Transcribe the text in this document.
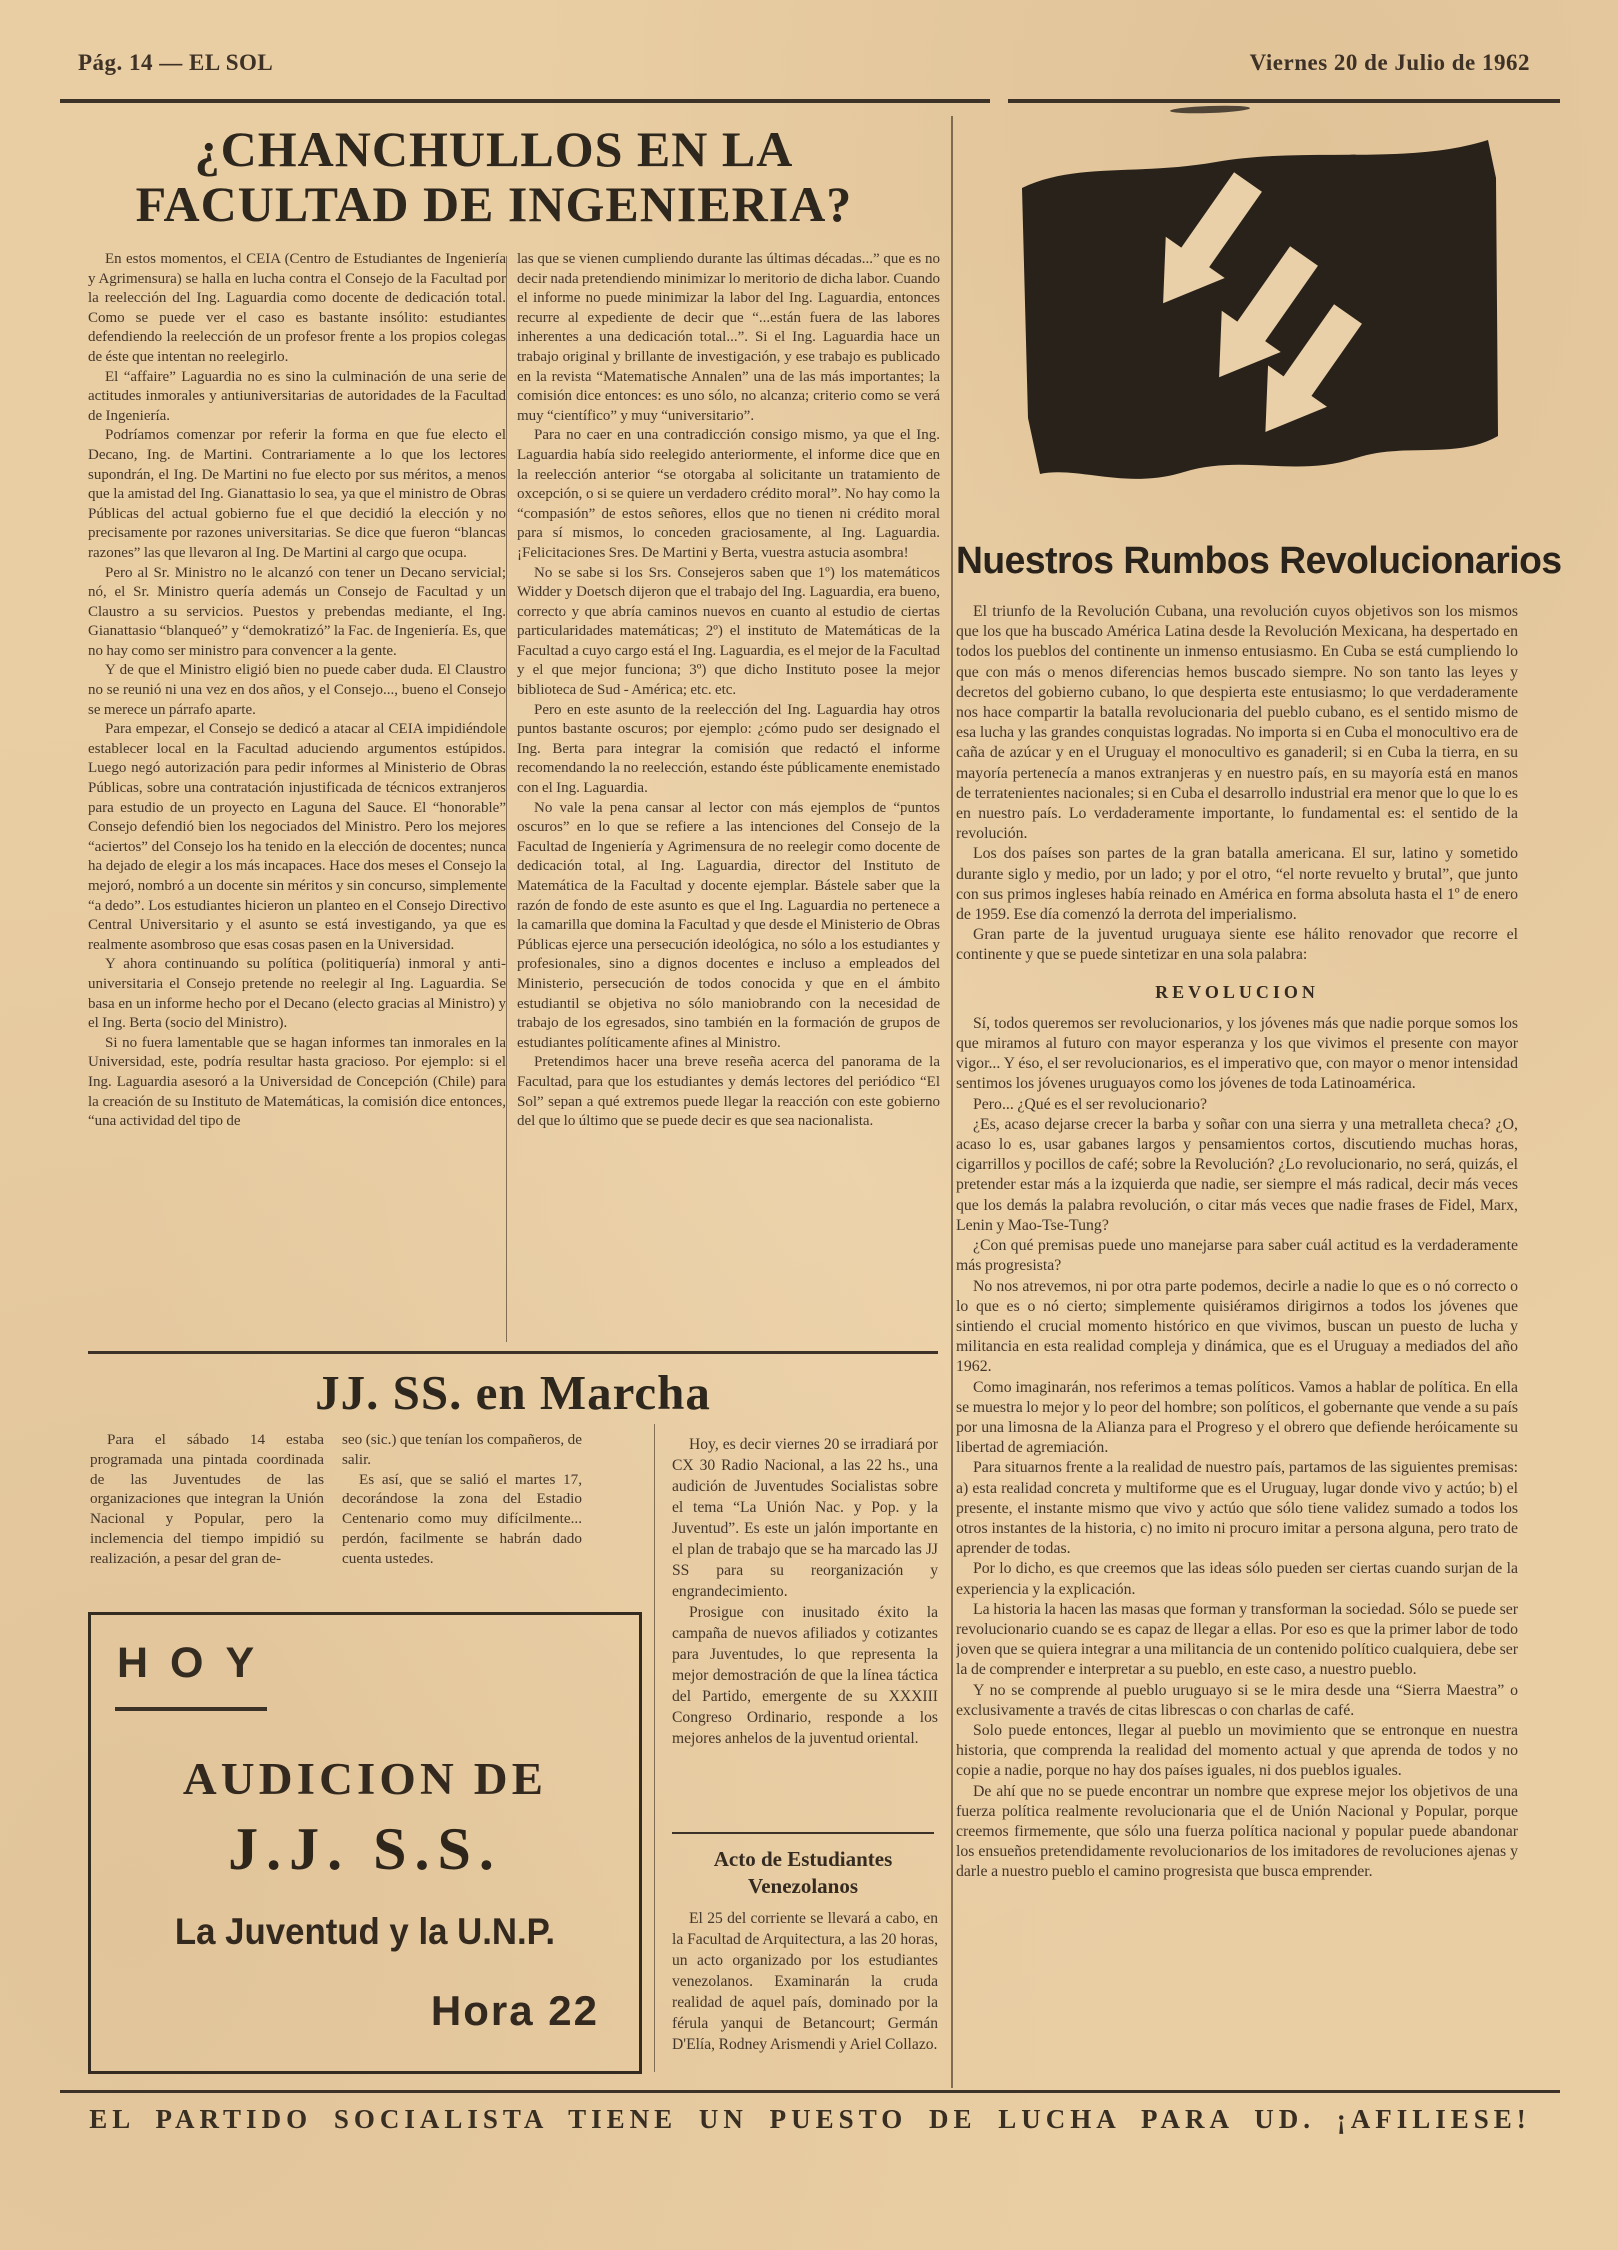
Pág. 14 — EL SOL	Viernes 20 de Julio de 1962
¿CHANCHULLOS EN LA
FACULTAD DE INGENIERIA?

En estos momentos, el CEIA (Centro de Estudiantes de Ingeniería y Agrimensura) se halla en lucha contra el Consejo de la Facultad por la reelección del Ing. Laguardia como docente de dedicación total. Como se puede ver el caso es bastante insólito: estudiantes defendiendo la reelección de un profesor frente a los propios colegas de éste que intentan no reelegirlo.

El “affaire” Laguardia no es sino la culminación de una serie de actitudes inmorales y antiuniversitarias de autoridades de la Facultad de Ingeniería.

Podríamos comenzar por referir la forma en que fue electo el Decano, Ing. de Martini. Contrariamente a lo que los lectores supondrán, el Ing. De Martini no fue electo por sus méritos, a menos que la amistad del Ing. Gianattasio lo sea, ya que el ministro de Obras Públicas del actual gobierno fue el que decidió la elección y no precisamente por razones universitarias. Se dice que fueron “blancas razones” las que llevaron al Ing. De Martini al cargo que ocupa.

Pero al Sr. Ministro no le alcanzó con tener un Decano servicial; nó, el Sr. Ministro quería además un Consejo de Facultad y un Claustro a su servicios. Puestos y prebendas mediante, el Ing. Gianattasio “blanqueó” y “demokratizó” la Fac. de Ingeniería. Es, que no hay como ser ministro para convencer a la gente.

Y de que el Ministro eligió bien no puede caber duda. El Claustro no se reunió ni una vez en dos años, y el Consejo..., bueno el Consejo se merece un párrafo aparte.

Para empezar, el Consejo se dedicó a atacar al CEIA impidiéndole establecer local en la Facultad aduciendo argumentos estúpidos. Luego negó autorización para pedir informes al Ministerio de Obras Públicas, sobre una contratación injustificada de técnicos extranjeros para estudio de un proyecto en Laguna del Sauce. El “honorable” Consejo defendió bien los negociados del Ministro. Pero los mejores “aciertos” del Consejo los ha tenido en la elección de docentes; nunca ha dejado de elegir a los más incapaces. Hace dos meses el Consejo la mejoró, nombró a un docente sin méritos y sin concurso, simplemente “a dedo”. Los estudiantes hicieron un planteo en el Consejo Directivo Central Universitario y el asunto se está investigando, ya que es realmente asombroso que esas cosas pasen en la Universidad.

Y ahora continuando su política (politiquería) inmoral y anti-universitaria el Consejo pretende no reelegir al Ing. Laguardia. Se basa en un informe hecho por el Decano (electo gracias al Ministro) y el Ing. Berta (socio del Ministro).

Si no fuera lamentable que se hagan informes tan inmorales en la Universidad, este, podría resultar hasta gracioso. Por ejemplo: si el Ing. Laguardia asesoró a la Universidad de Concepción (Chile) para la creación de su Instituto de Matemáticas, la comisión dice entonces, “una actividad del tipo de

las que se vienen cumpliendo durante las últimas décadas...” que es no decir nada pretendiendo minimizar lo meritorio de dicha labor. Cuando el informe no puede minimizar la labor del Ing. Laguardia, entonces recurre al expediente de decir que “...están fuera de las labores inherentes a una dedicación total...”. Si el Ing. Laguardia hace un trabajo original y brillante de investigación, y ese trabajo es publicado en la revista “Matematische Annalen” una de las más importantes; la comisión dice entonces: es uno sólo, no alcanza; criterio como se verá muy “científico” y muy “universitario”.

Para no caer en una contradicción consigo mismo, ya que el Ing. Laguardia había sido reelegido anteriormente, el informe dice que en la reelección anterior “se otorgaba al solicitante un tratamiento de oxcepción, o si se quiere un verdadero crédito moral”. No hay como la “compasión” de estos señores, ellos que no tienen ni crédito moral para sí mismos, lo conceden graciosamente, al Ing. Laguardia. ¡Felicitaciones Sres. De Martini y Berta, vuestra astucia asombra!

No se sabe si los Srs. Consejeros saben que 1º) los matemáticos Widder y Doetsch dijeron que el trabajo del Ing. Laguardia, era bueno, correcto y que abría caminos nuevos en cuanto al estudio de ciertas particularidades matemáticas; 2º) el instituto de Matemáticas de la Facultad a cuyo cargo está el Ing. Laguardia, es el mejor de la Facultad y el que mejor funciona; 3º) que dicho Instituto posee la mejor biblioteca de Sud - América; etc. etc.

Pero en este asunto de la reelección del Ing. Laguardia hay otros puntos bastante oscuros; por ejemplo: ¿cómo pudo ser designado el Ing. Berta para integrar la comisión que redactó el informe recomendando la no reelección, estando éste públicamente enemistado con el Ing. Laguardia.

No vale la pena cansar al lector con más ejemplos de “puntos oscuros” en lo que se refiere a las intenciones del Consejo de la Facultad de Ingeniería y Agrimensura de no reelegir como docente de dedicación total, al Ing. Laguardia, director del Instituto de Matemática de la Facultad y docente ejemplar. Bástele saber que la razón de fondo de este asunto es que el Ing. Laguardia no pertenece a la camarilla que domina la Facultad y que desde el Ministerio de Obras Públicas ejerce una persecución ideológica, no sólo a los estudiantes y profesionales, sino a dignos docentes e incluso a empleados del Ministerio, persecución de todos conocida y que en el ámbito estudiantil se objetiva no sólo maniobrando con la necesidad de trabajo de los egresados, sino también en la formación de grupos de estudiantes políticamente afines al Ministro.

Pretendimos hacer una breve reseña acerca del panorama de la Facultad, para que los estudiantes y demás lectores del periódico “El Sol” sepan a qué extremos puede llegar la reacción con este gobierno del que lo último que se puede decir es que sea nacionalista.

Nuestros Rumbos Revolucionarios

El triunfo de la Revolución Cubana, una revolución cuyos objetivos son los mismos que los que ha buscado América Latina desde la Revolución Mexicana, ha despertado en todos los pueblos del continente un inmenso entusiasmo. En Cuba se está cumpliendo lo que con más o menos diferencias hemos buscado siempre. No son tanto las leyes y decretos del gobierno cubano, lo que despierta este entusiasmo; lo que verdaderamente nos hace compartir la batalla revolucionaria del pueblo cubano, es el sentido mismo de esa lucha y las grandes conquistas logradas. No importa si en Cuba el monocultivo era de caña de azúcar y en el Uruguay el monocultivo es ganaderil; si en Cuba la tierra, en su mayoría pertenecía a manos extranjeras y en nuestro país, en su mayoría está en manos de terratenientes nacionales; si en Cuba el desarrollo industrial era menor que lo que lo es en nuestro país. Lo verdaderamente importante, lo fundamental es: el sentido de la revolución.

Los dos países son partes de la gran batalla americana. El sur, latino y sometido durante siglo y medio, por un lado; y por el otro, “el norte revuelto y brutal”, que junto con sus primos ingleses había reinado en América en forma absoluta hasta el 1º de enero de 1959. Ese día comenzó la derrota del imperialismo.

Gran parte de la juventud uruguaya siente ese hálito renovador que recorre el continente y que se puede sintetizar en una sola palabra:

REVOLUCION

Sí, todos queremos ser revolucionarios, y los jóvenes más que nadie porque somos los que miramos al futuro con mayor esperanza y los que vivimos el presente con mayor vigor... Y éso, el ser revolucionarios, es el imperativo que, con mayor o menor intensidad sentimos los jóvenes uruguayos como los jóvenes de toda Latinoamérica.

Pero... ¿Qué es el ser revolucionario?

¿Es, acaso dejarse crecer la barba y soñar con una sierra y una metralleta checa? ¿O, acaso lo es, usar gabanes largos y pensamientos cortos, discutiendo muchas horas, cigarrillos y pocillos de café; sobre la Revolución? ¿Lo revolucionario, no será, quizás, el pretender estar más a la izquierda que nadie, ser siempre el más radical, decir más veces que los demás la palabra revolución, o citar más veces que nadie frases de Fidel, Marx, Lenin y Mao-Tse-Tung?

¿Con qué premisas puede uno manejarse para saber cuál actitud es la verdaderamente más progresista?

No nos atrevemos, ni por otra parte podemos, decirle a nadie lo que es o nó correcto o lo que es o nó cierto; simplemente quisiéramos dirigirnos a todos los jóvenes que sintiendo el crucial momento histórico en que vivimos, buscan un puesto de lucha y militancia en esta realidad compleja y dinámica, que es el Uruguay a mediados del año 1962.

Como imaginarán, nos referimos a temas políticos. Vamos a hablar de política. En ella se muestra lo mejor y lo peor del hombre; son políticos, el gobernante que vende a su país por una limosna de la Alianza para el Progreso y el obrero que defiende heróicamente su libertad de agremiación.

Para situarnos frente a la realidad de nuestro país, partamos de las siguientes premisas: a) esta realidad concreta y multiforme que es el Uruguay, lugar donde vivo y actúo; b) el presente, el instante mismo que vivo y actúo que sólo tiene validez sumado a todos los otros instantes de la historia, c) no imito ni procuro imitar a persona alguna, pero trato de aprender de todas.

Por lo dicho, es que creemos que las ideas sólo pueden ser ciertas cuando surjan de la experiencia y la explicación.

La historia la hacen las masas que forman y transforman la sociedad. Sólo se puede ser revolucionario cuando se es capaz de llegar a ellas. Por eso es que la primer labor de todo joven que se quiera integrar a una militancia de un contenido político cualquiera, debe ser la de comprender e interpretar a su pueblo, en este caso, a nuestro pueblo.

Y no se comprende al pueblo uruguayo si se le mira desde una “Sierra Maestra” o exclusivamente a través de citas librescas o con charlas de café.

Solo puede entonces, llegar al pueblo un movimiento que se entronque en nuestra historia, que comprenda la realidad del momento actual y que aprenda de todos y no copie a nadie, porque no hay dos países iguales, ni dos pueblos iguales.

De ahí que no se puede encontrar un nombre que exprese mejor los objetivos de una fuerza política realmente revolucionaria que el de Unión Nacional y Popular, porque creemos firmemente, que sólo una fuerza política nacional y popular puede abandonar los ensueños pretendidamente revolucionarios de los imitadores de revoluciones ajenas y darle a nuestro pueblo el camino progresista que busca emprender.

JJ. SS. en Marcha

Para el sábado 14 estaba programada una pintada coordinada de las Juventudes de las organizaciones que integran la Unión Nacional y Popular, pero la inclemencia del tiempo impidió su realización, a pesar del gran de-

seo (sic.) que tenían los compañeros, de salir.

Es así, que se salió el martes 17, decorándose la zona del Estadio Centenario como muy difícilmente... perdón, facilmente se habrán dado cuenta ustedes.

Hoy, es decir viernes 20 se irradiará por CX 30 Radio Nacional, a las 22 hs., una audición de Juventudes Socialistas sobre el tema “La Unión Nac. y Pop. y la Juventud”. Es este un jalón importante en el plan de trabajo que se ha marcado las JJ SS para su reorganización y engrandecimiento.

Prosigue con inusitado éxito la campaña de nuevos afiliados y cotizantes para Juventudes, lo que representa la mejor demostración de que la línea táctica del Partido, emergente de su XXXIII Congreso Ordinario, responde a los mejores anhelos de la juventud oriental.

HOY
AUDICION DE
J.J. S.S.
La Juventud y la U.N.P.
Hora 22
Acto de Estudiantes
Venezolanos

El 25 del corriente se llevará a cabo, en la Facultad de Arquitectura, a las 20 horas, un acto organizado por los estudiantes venezolanos. Examinarán la cruda realidad de aquel país, dominado por la férula yanqui de Betancourt; Germán D'Elía, Rodney Arismendi y Ariel Collazo.

EL PARTIDO SOCIALISTA TIENE UN PUESTO DE LUCHA PARA UD. ¡AFILIESE!
